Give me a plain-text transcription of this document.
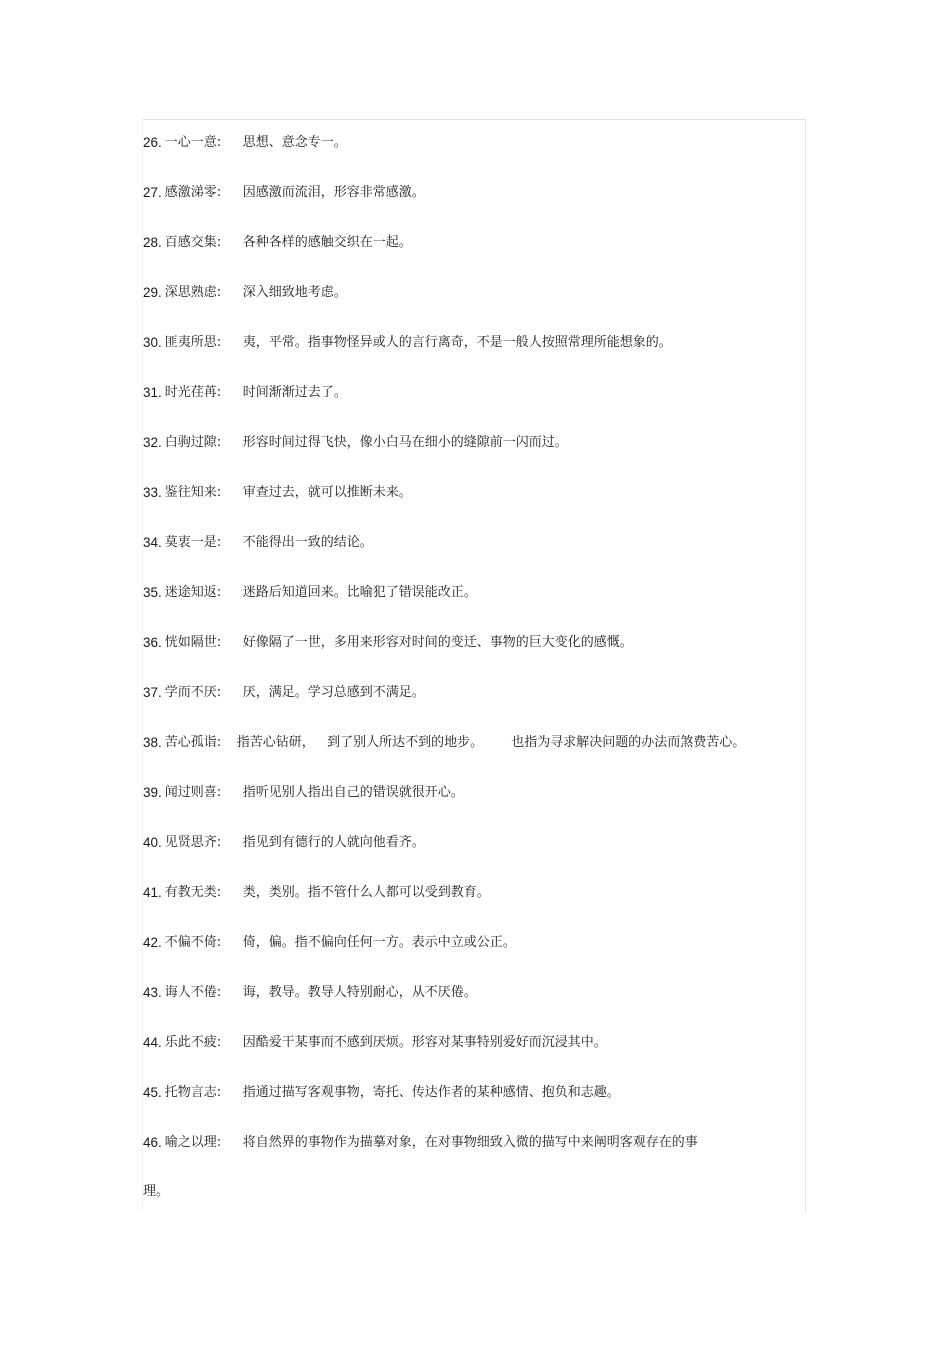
26. 一心一意:	思想、意念专一。
27. 感激涕零:	因感激而流泪，形容非常感激。
28. 百感交集:	各种各样的感触交织在一起。
29. 深思熟虑:	深入细致地考虑。
30. 匪夷所思:	夷，平常。指事物怪异或人的言行离奇，不是一般人按照常理所能想象的。
31. 时光荏苒:	时间渐渐过去了。
32. 白驹过隙:	形容时间过得飞快，像小白马在细小的缝隙前一闪而过。
33. 鉴往知来:	审查过去，就可以推断未来。
34. 莫衷一是:	不能得出一致的结论。
35. 迷途知返:	迷路后知道回来。比喻犯了错误能改正。
36. 恍如隔世:	好像隔了一世，多用来形容对时间的变迁、事物的巨大变化的感慨。
37. 学而不厌:	厌，满足。学习总感到不满足。
38. 苦心孤诣:	指苦心钻研，   到了别人所达不到的地步。 也指为寻求解决问题的办法而煞费苦心。
39. 闻过则喜:	指听见别人指出自己的错误就很开心。
40. 见贤思齐:	指见到有德行的人就向他看齐。
41. 有教无类:	类，类别。指不管什么人都可以受到教育。
42. 不偏不倚:	倚，偏。指不偏向任何一方。表示中立或公正。
43. 诲人不倦:	诲，教导。教导人特别耐心，从不厌倦。
44. 乐此不疲:	因酷爱干某事而不感到厌烦。形容对某事特别爱好而沉浸其中。
45. 托物言志:	指通过描写客观事物，寄托、传达作者的某种感情、抱负和志趣。
46. 喻之以理:	将自然界的事物作为描摹对象，在对事物细致入微的描写中来阐明客观存在的事
理。
